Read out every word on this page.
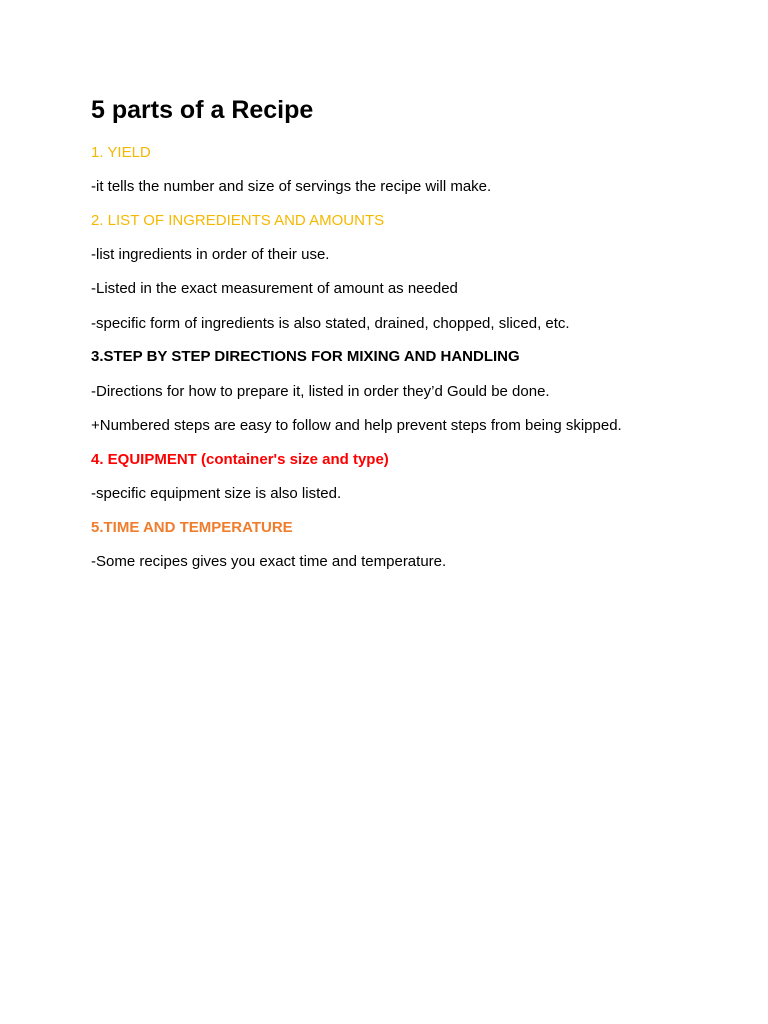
5 parts of a Recipe

1. YIELD

-it tells the number and size of servings the recipe will make.

2. LIST OF INGREDIENTS AND AMOUNTS

-list ingredients in order of their use.

-Listed in the exact measurement of amount as needed

-specific form of ingredients is also stated, drained, chopped, sliced, etc.

3.STEP BY STEP DIRECTIONS FOR MIXING AND HANDLING

-Directions for how to prepare it, listed in order they’d Gould be done.

+Numbered steps are easy to follow and help prevent steps from being skipped.

4. EQUIPMENT (container's size and type)

-specific equipment size is also listed.

5.TIME AND TEMPERATURE

-Some recipes gives you exact time and temperature.
